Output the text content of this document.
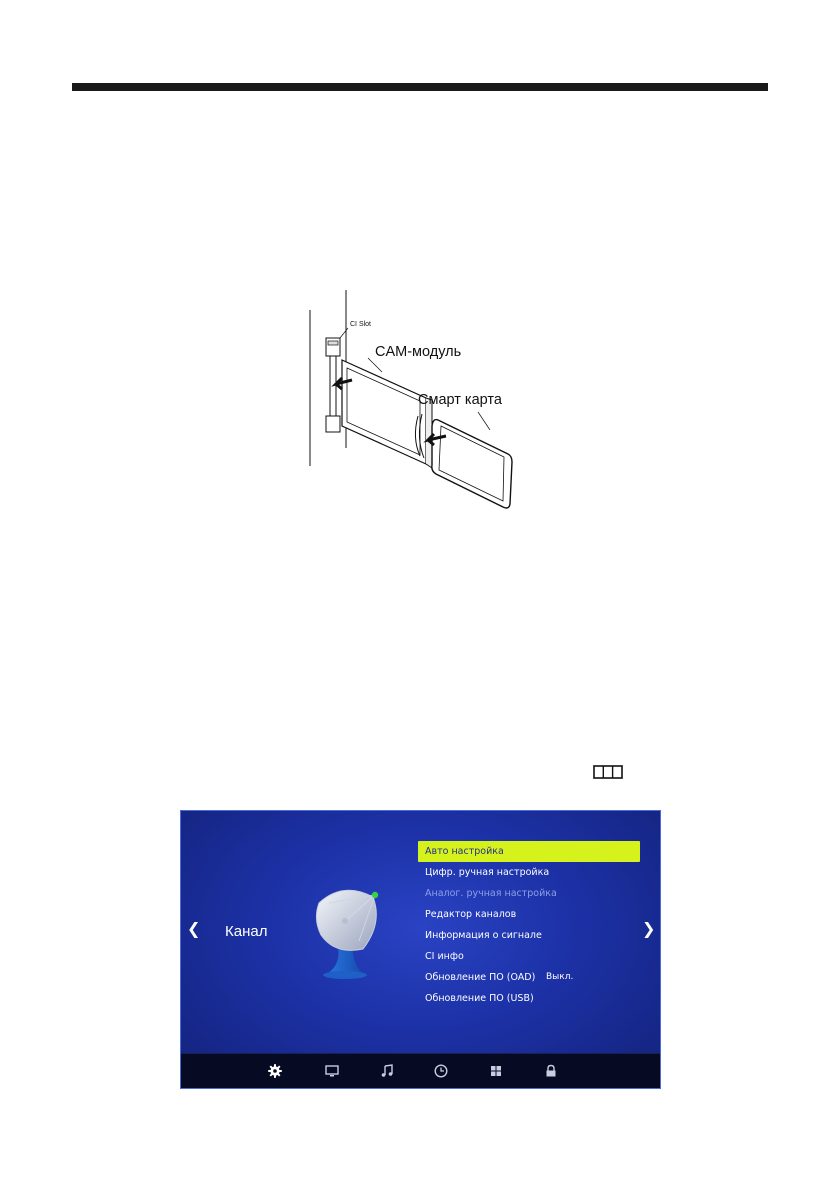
CI Slot
CAM-модуль
Смарт карта
❮ Канал
Авто настройка
Цифр. ручная настройка
Аналог. ручная настройка
Редактор каналов
Информация о сигнале
CI инфо
Обновление ПО (OAD) Выкл.
Обновление ПО (USB)
❯
